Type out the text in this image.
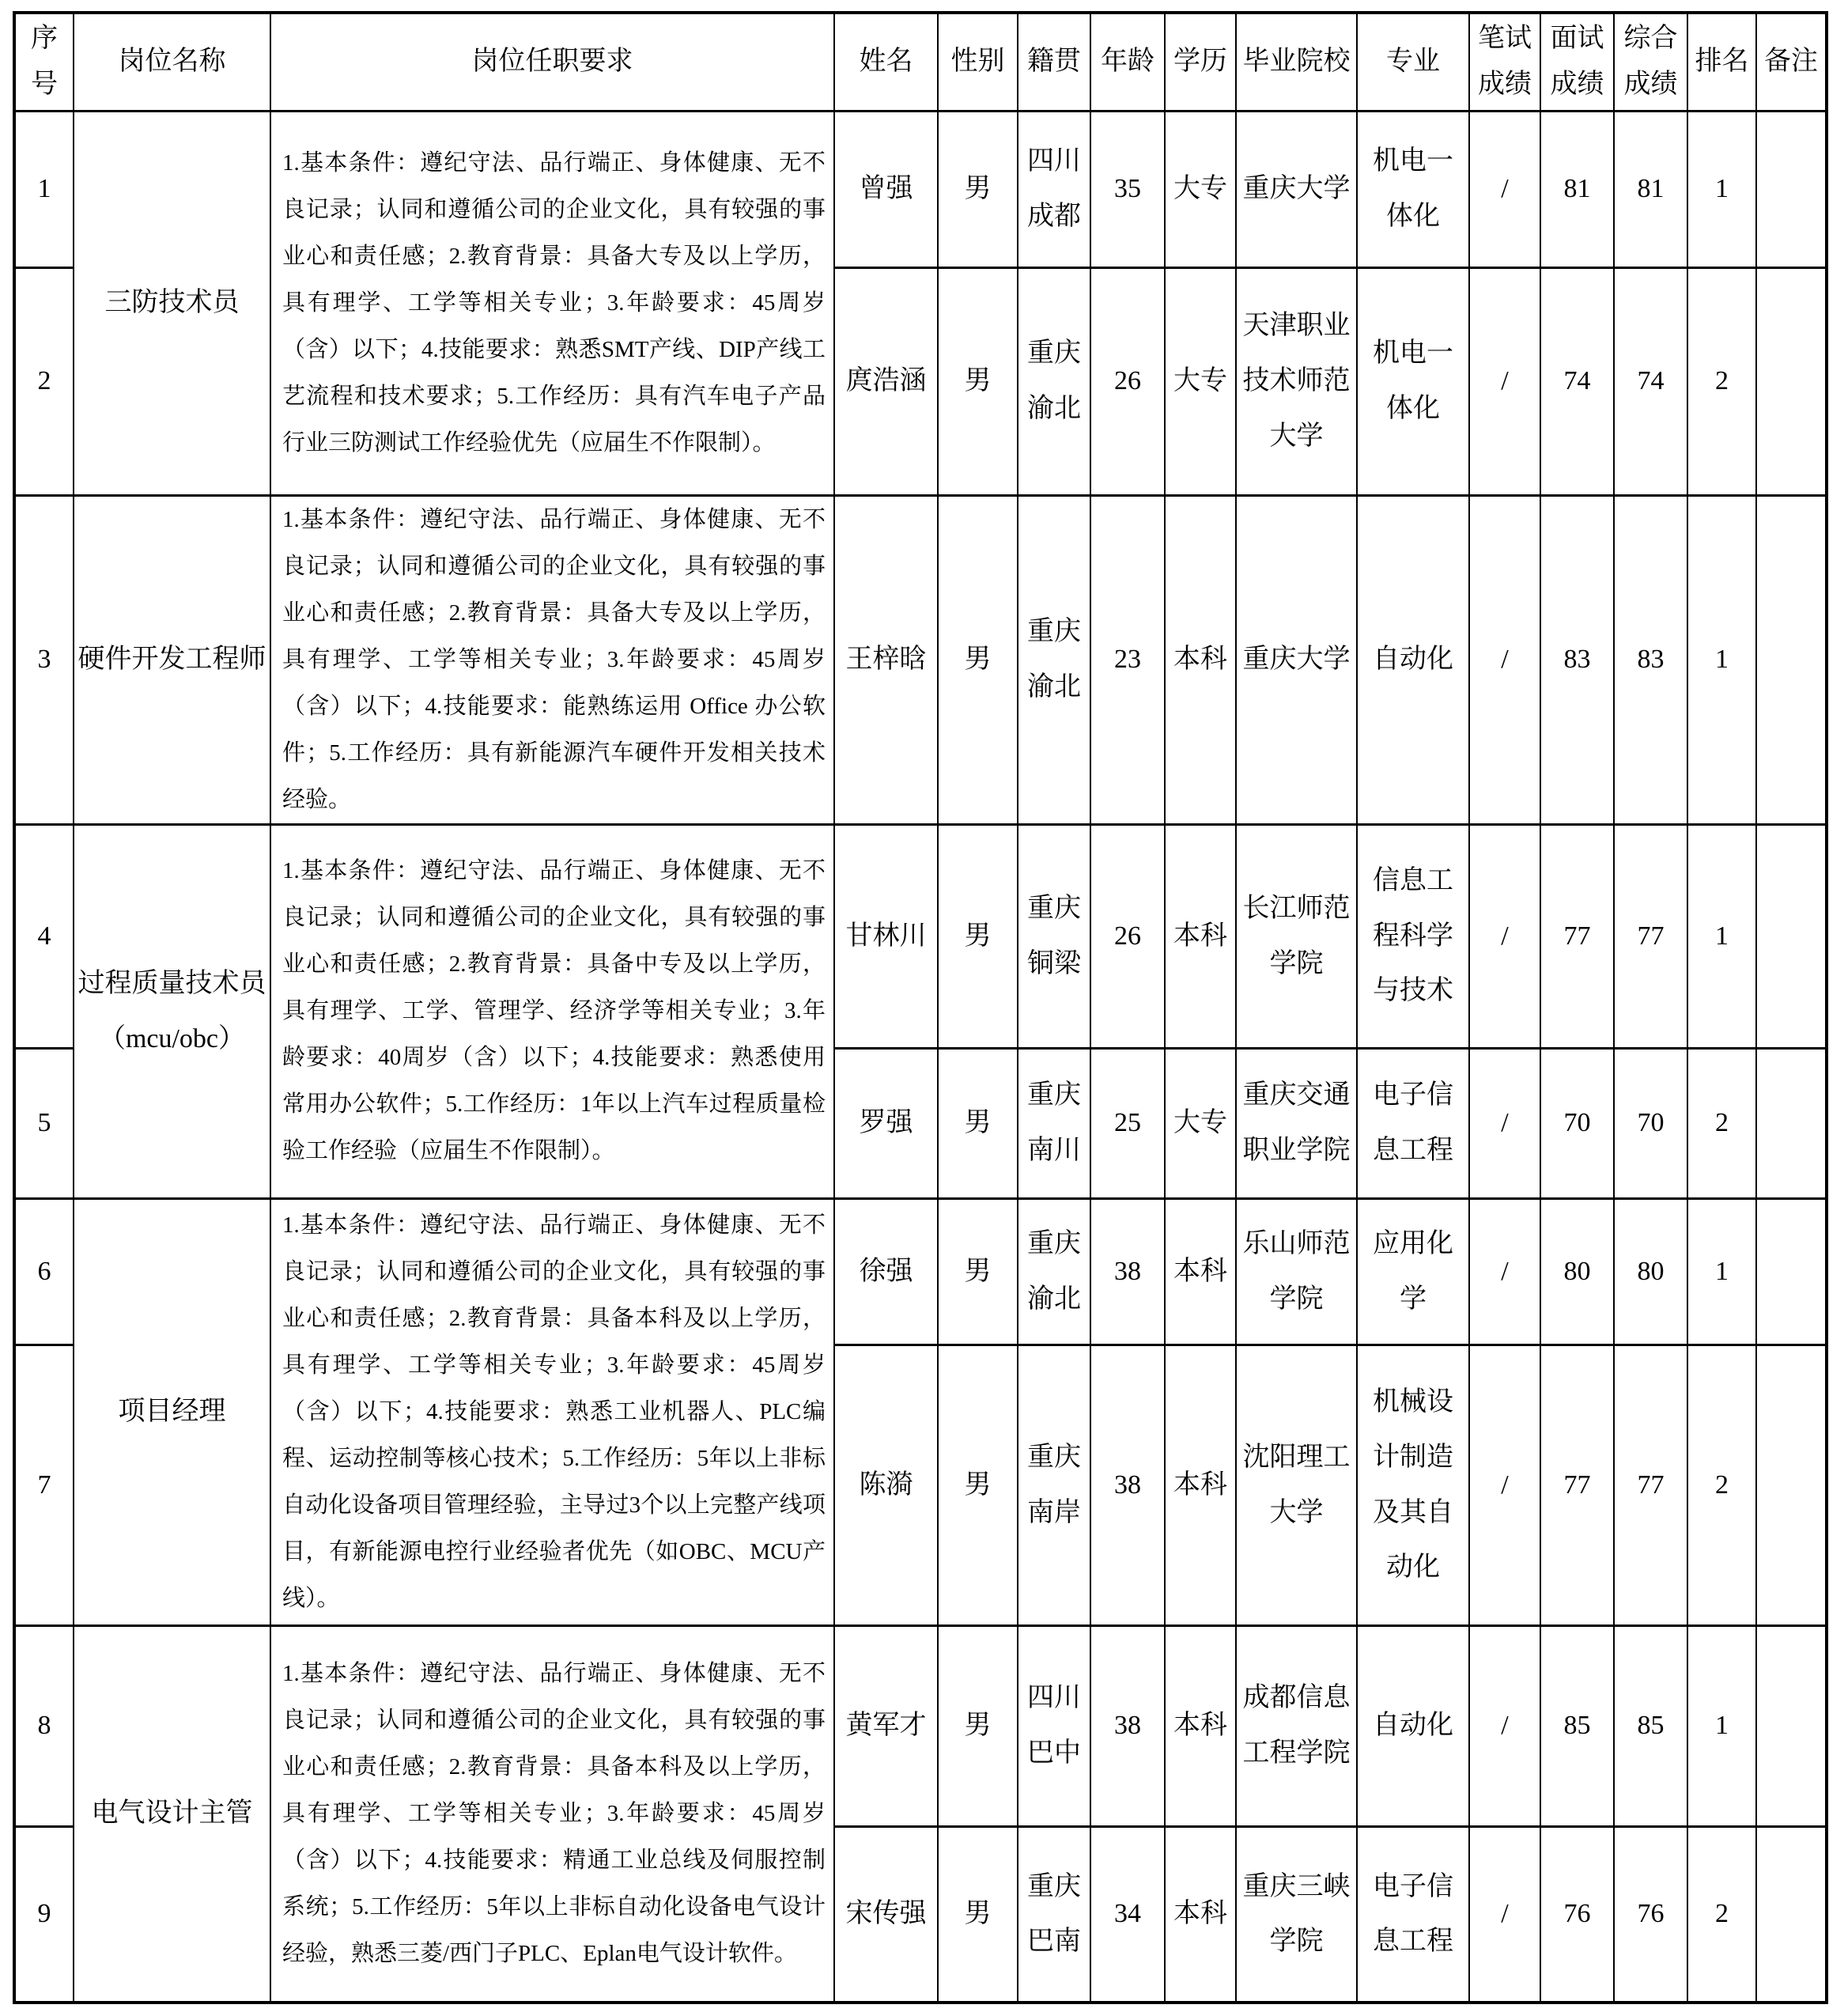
序号	岗位名称	岗位任职要求	姓名	性别	籍贯	年龄	学历	毕业院校	专业	笔试成绩	面试成绩	综合成绩	排名	备注
1	三防技术员	1.基本条件：遵纪守法、品行端正、身体健康、无不良记录；认同和遵循公司的企业文化，具有较强的事业心和责任感；2.教育背景：具备大专及以上学历，具有理学、工学等相关专业；3.年龄要求：45周岁（含）以下；4.技能要求：熟悉SMT产线、DIP产线工艺流程和技术要求；5.工作经历：具有汽车电子产品行业三防测试工作经验优先（应届生不作限制）。	曾强	男	四川成都	35	大专	重庆大学	机电一体化	/	81	81	1	
2			庹浩涵	男	重庆渝北	26	大专	天津职业技术师范大学	机电一体化	/	74	74	2	
3	硬件开发工程师	1.基本条件：遵纪守法、品行端正、身体健康、无不良记录；认同和遵循公司的企业文化，具有较强的事业心和责任感；2.教育背景：具备大专及以上学历，具有理学、工学等相关专业；3.年龄要求：45周岁（含）以下；4.技能要求：能熟练运用 Office 办公软件；5.工作经历：具有新能源汽车硬件开发相关技术经验。	王梓晗	男	重庆渝北	23	本科	重庆大学	自动化	/	83	83	1	
4	过程质量技术员（mcu/obc）	1.基本条件：遵纪守法、品行端正、身体健康、无不良记录；认同和遵循公司的企业文化，具有较强的事业心和责任感；2.教育背景：具备中专及以上学历，具有理学、工学、管理学、经济学等相关专业；3.年龄要求：40周岁（含）以下；4.技能要求：熟悉使用常用办公软件；5.工作经历：1年以上汽车过程质量检验工作经验（应届生不作限制）。	甘林川	男	重庆铜梁	26	本科	长江师范学院	信息工程科学与技术	/	77	77	1	
5			罗强	男	重庆南川	25	大专	重庆交通职业学院	电子信息工程	/	70	70	2	
6	项目经理	1.基本条件：遵纪守法、品行端正、身体健康、无不良记录；认同和遵循公司的企业文化，具有较强的事业心和责任感；2.教育背景：具备本科及以上学历，具有理学、工学等相关专业；3.年龄要求：45周岁（含）以下；4.技能要求：熟悉工业机器人、PLC编程、运动控制等核心技术；5.工作经历：5年以上非标自动化设备项目管理经验，主导过3个以上完整产线项目，有新能源电控行业经验者优先（如OBC、MCU产线）。	徐强	男	重庆渝北	38	本科	乐山师范学院	应用化学	/	80	80	1	
7			陈漪	男	重庆南岸	38	本科	沈阳理工大学	机械设计制造及其自动化	/	77	77	2	
8	电气设计主管	1.基本条件：遵纪守法、品行端正、身体健康、无不良记录；认同和遵循公司的企业文化，具有较强的事业心和责任感；2.教育背景：具备本科及以上学历，具有理学、工学等相关专业；3.年龄要求：45周岁（含）以下；4.技能要求：精通工业总线及伺服控制系统；5.工作经历：5年以上非标自动化设备电气设计经验，熟悉三菱/西门子PLC、Eplan电气设计软件。	黄军才	男	四川巴中	38	本科	成都信息工程学院	自动化	/	85	85	1	
9			宋传强	男	重庆巴南	34	本科	重庆三峡学院	电子信息工程	/	76	76	2	
